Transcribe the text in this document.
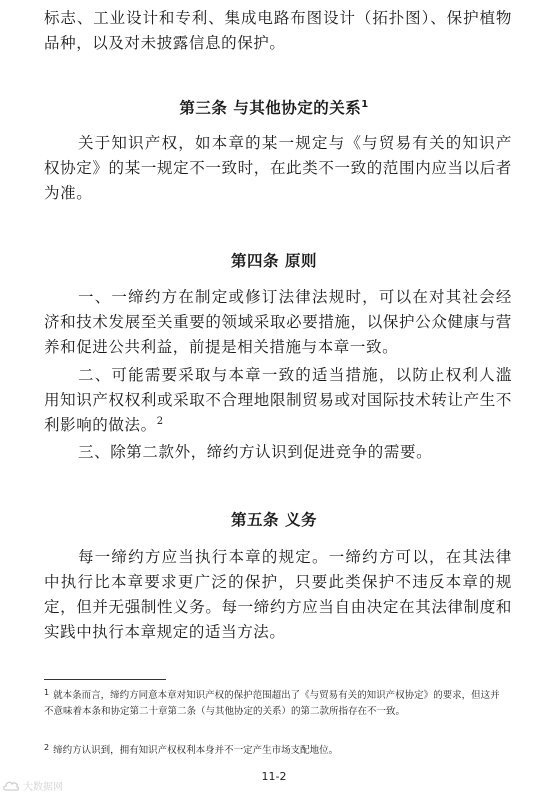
标志、工业设计和专利、集成电路布图设计（拓扑图）、保护植物品种，以及对未披露信息的保护。

第三条 与其他协定的关系$^1$

关于知识产权，如本章的某一规定与《与贸易有关的知识产权协定》的某一规定不一致时，在此类不一致的范围内应当以后者为准。

第四条 原则

一、一缔约方在制定或修订法律法规时，可以在对其社会经济和技术发展至关重要的领域采取必要措施，以保护公众健康与营养和促进公共利益，前提是相关措施与本章一致。

二、可能需要采取与本章一致的适当措施，以防止权利人滥用知识产权权利或采取不合理地限制贸易或对国际技术转让产生不利影响的做法。$^2$

三、除第二款外，缔约方认识到促进竞争的需要。

第五条 义务

每一缔约方应当执行本章的规定。一缔约方可以，在其法律中执行比本章要求更广泛的保护，只要此类保护不违反本章的规定，但并无强制性义务。每一缔约方应当自由决定在其法律制度和实践中执行本章规定的适当方法。

$^1$ 就本条而言，缔约方同意本章对知识产权的保护范围超出了《与贸易有关的知识产权协定》的要求，但这并不意味着本条和协定第二十章第二条（与其他协定的关系）的第二款所指存在不一致。

$^2$ 缔约方认识到，拥有知识产权权利本身并不一定产生市场支配地位。

11-2
大数据网
